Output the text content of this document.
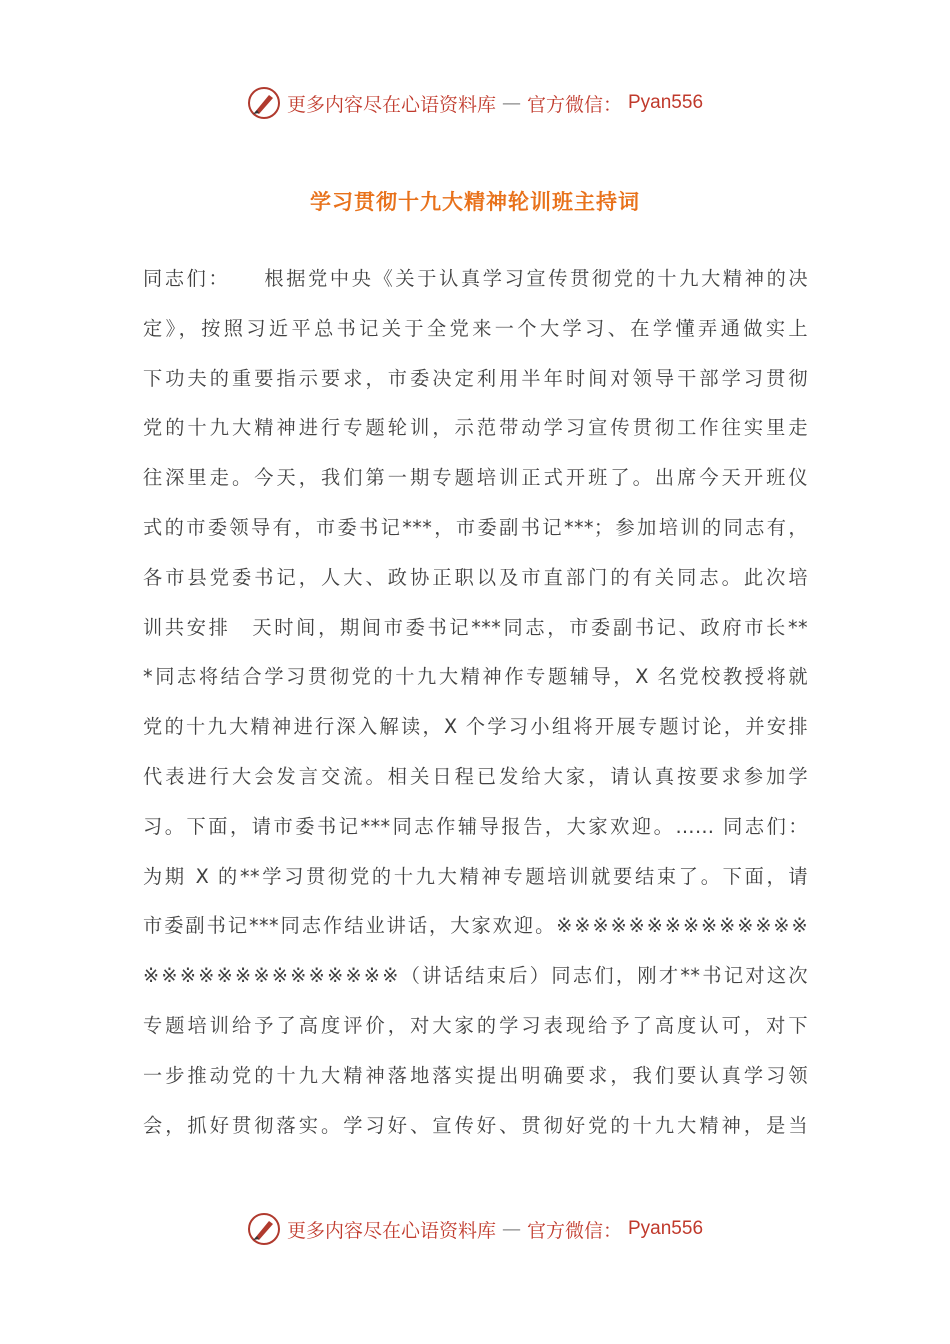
更多内容尽在心语资料库 — 官方微信： Pyan556
学习贯彻十九大精神轮训班主持词
同志们：　　根据党中央《关于认真学习宣传贯彻党的十九大精神的决
定》，按照习近平总书记关于全党来一个大学习、在学懂弄通做实上
下功夫的重要指示要求，市委决定利用半年时间对领导干部学习贯彻
党的十九大精神进行专题轮训，示范带动学习宣传贯彻工作往实里走
往深里走。今天，我们第一期专题培训正式开班了。出席今天开班仪
式的市委领导有，市委书记***，市委副书记***；参加培训的同志有，
各市县党委书记，人大、政协正职以及市直部门的有关同志。此次培
训共安排　天时间，期间市委书记***同志，市委副书记、政府市长**
*同志将结合学习贯彻党的十九大精神作专题辅导，X 名党校教授将就
党的十九大精神进行深入解读，X 个学习小组将开展专题讨论，并安排
代表进行大会发言交流。相关日程已发给大家，请认真按要求参加学
习。下面，请市委书记***同志作辅导报告，大家欢迎。…… 同志们：
为期 X 的**学习贯彻党的十九大精神专题培训就要结束了。下面，请
市委副书记***同志作结业讲话，大家欢迎。※※※※※※※※※※※※※※
※※※※※※※※※※※※※※（讲话结束后）同志们，刚才**书记对这次
专题培训给予了高度评价，对大家的学习表现给予了高度认可，对下
一步推动党的十九大精神落地落实提出明确要求，我们要认真学习领
会，抓好贯彻落实。学习好、宣传好、贯彻好党的十九大精神，是当
更多内容尽在心语资料库 — 官方微信： Pyan556
